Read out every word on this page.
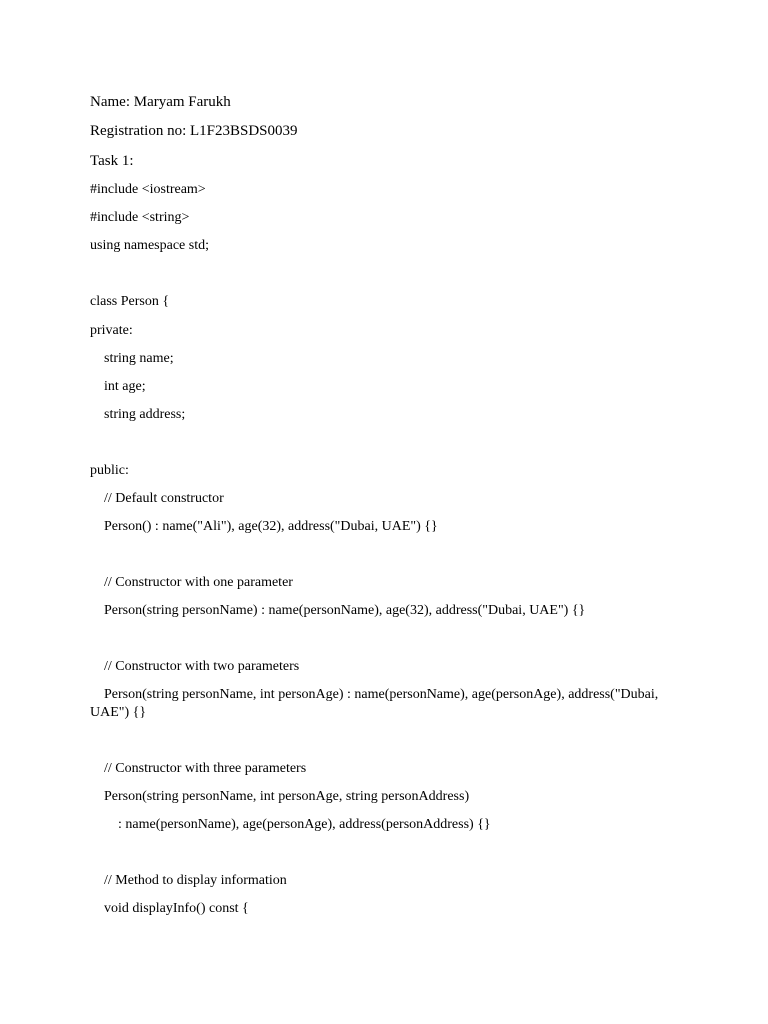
Name: Maryam Farukh
Registration no: L1F23BSDS0039
Task 1:
#include <iostream>
#include <string>
using namespace std;
class Person {
private:
string name;
int age;
string address;
public:
// Default constructor
Person() : name("Ali"), age(32), address("Dubai, UAE") {}
// Constructor with one parameter
Person(string personName) : name(personName), age(32), address("Dubai, UAE") {}
// Constructor with two parameters
Person(string personName, int personAge) : name(personName), age(personAge), address("Dubai, UAE") {}
// Constructor with three parameters
Person(string personName, int personAge, string personAddress)
: name(personName), age(personAge), address(personAddress) {}
// Method to display information
void displayInfo() const {
